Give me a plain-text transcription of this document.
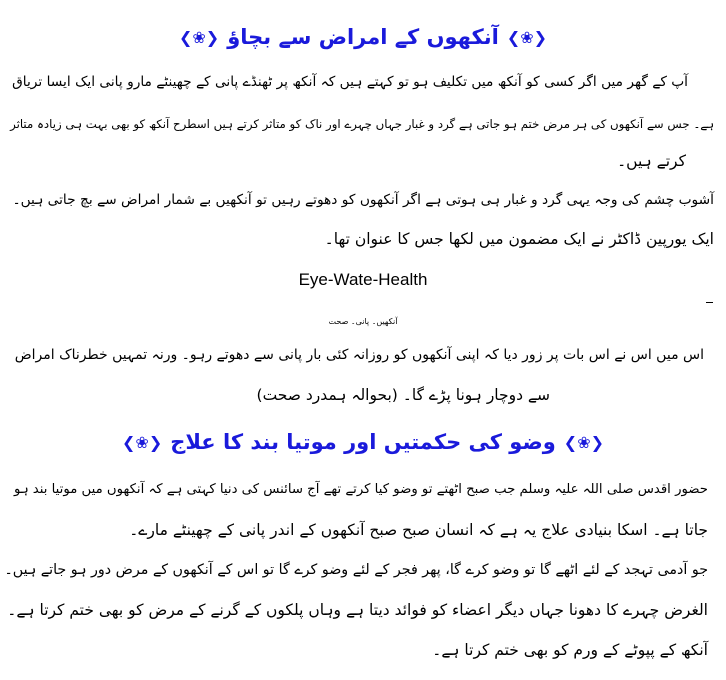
❮❀❯
آنکھوں کے امراض سے بچاؤ
❮❀❯
آپ کے گھر میں اگر کسی کو آنکھ میں تکلیف ہو تو کہتے ہیں کہ آنکھ پر ٹھنڈے پانی کے چھینٹے مارو پانی ایک ایسا تریاق
ہے۔ جس سے آنکھوں کی ہر مرض ختم ہو جاتی ہے گرد و غبار جہاں چہرے اور ناک کو متاثر کرتے ہیں اسطرح آنکھ کو بھی بہت ہی زیادہ متاثر
کرتے ہیں۔
آشوب چشم کی وجہ یہی گرد و غبار ہی ہوتی ہے اگر آنکھوں کو دھوتے رہیں تو آنکھیں بے شمار امراض سے بچ جاتی ہیں۔
ایک یورپین ڈاکٹر نے ایک مضمون میں لکھا جس کا عنوان تھا۔
Eye-Wate-Health
آنکھیں۔ پانی۔ صحت
اس میں اس نے اس بات پر زور دیا کہ اپنی آنکھوں کو روزانہ کئی بار پانی سے دھوتے رہو۔ ورنہ تمہیں خطرناک امراض
سے دوچار ہونا پڑے گا۔ (بحوالہ ہمدرد صحت)
❮❀❯
وضو کی حکمتیں اور موتیا بند کا علاج
❮❀❯
حضور اقدس صلی اللہ علیہ وسلم جب صبح اٹھتے تو وضو کیا کرتے تھے آج سائنس کی دنیا کہتی ہے کہ آنکھوں میں موتیا بند ہو
جاتا ہے۔ اسکا بنیادی علاج یہ ہے کہ انسان صبح صبح آنکھوں کے اندر پانی کے چھینٹے مارے۔
جو آدمی تہجد کے لئے اٹھے گا تو وضو کرے گا، پھر فجر کے لئے وضو کرے گا تو اس کے آنکھوں کے مرض دور ہو جاتے ہیں۔
الغرض چہرے کا دھونا جہاں دیگر اعضاء کو فوائد دیتا ہے وہاں پلکوں کے گرنے کے مرض کو بھی ختم کرتا ہے۔
آنکھ کے پپوٹے کے ورم کو بھی ختم کرتا ہے۔
